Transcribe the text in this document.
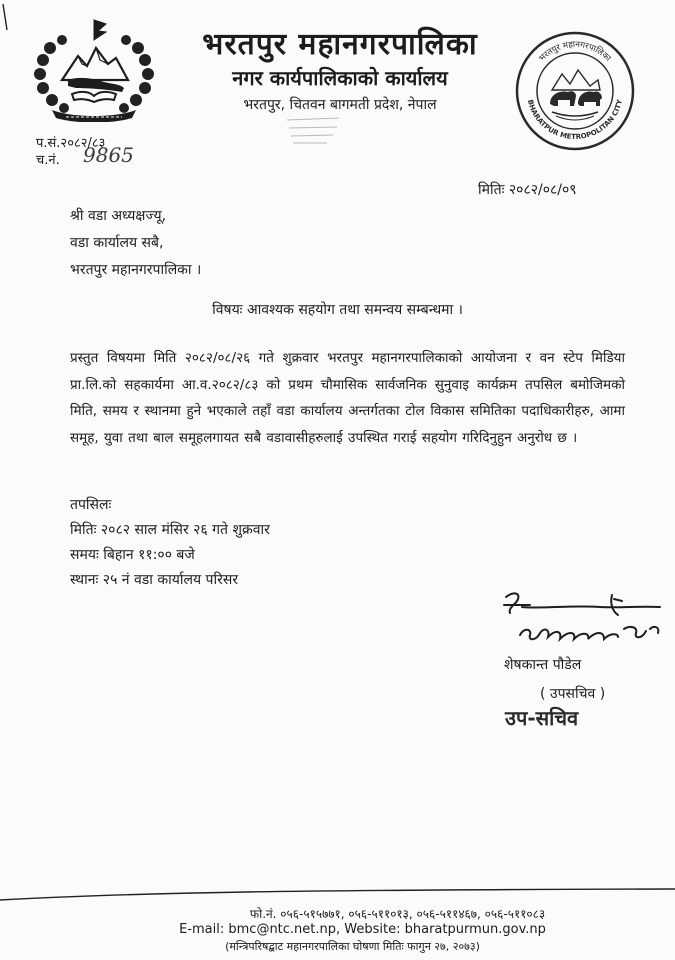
भरतपुर महानगरपालिका
नगर कार्यपालिकाको कार्यालय
भरतपुर, चितवन बागमती प्रदेश, नेपाल
भरतपुर महानगरपालिका
BHARATPUR METROPOLITAN CITY
प.सं.२०८२/८३
च.नं. 9865
मितिः २०८२/०८/०९
श्री वडा अध्यक्षज्यू,
वडा कार्यालय सबै,
भरतपुर महानगरपालिका ।
विषयः आवश्यक सहयोग तथा समन्वय सम्बन्धमा ।
प्रस्तुत विषयमा मिति २०८२/०८/२६ गते शुक्रवार भरतपुर महानगरपालिकाको आयोजना र वन स्टेप मिडिया प्रा.लि.को सहकार्यमा आ.व.२०८२/८३ को प्रथम चौमासिक सार्वजनिक सुनुवाइ कार्यक्रम तपसिल बमोजिमको मिति, समय र स्थानमा हुने भएकाले तहाँ वडा कार्यालय अन्तर्गतका टोल विकास समितिका पदाधिकारीहरु, आमा समूह, युवा तथा बाल समूहलगायत सबै वडावासीहरुलाई उपस्थित गराई सहयोग गरिदिनुहुन अनुरोध छ ।
तपसिलः
मितिः २०८२ साल मंसिर २६ गते शुक्रवार
समयः बिहान ११:०० बजे
स्थानः २५ नं वडा कार्यालय परिसर
शेषकान्त पौडेल
( उपसचिव )
उप-सचिव
फो.नं. ०५६-५१५७७१, ०५६-५११०१३, ०५६-५११४६७, ०५६-५११०८३
E-mail: bmc@ntc.net.np, Website: bharatpurmun.gov.np
(मन्त्रिपरिषद्बाट महानगरपालिका घोषणा मितिः फागुन २७, २०७३)
